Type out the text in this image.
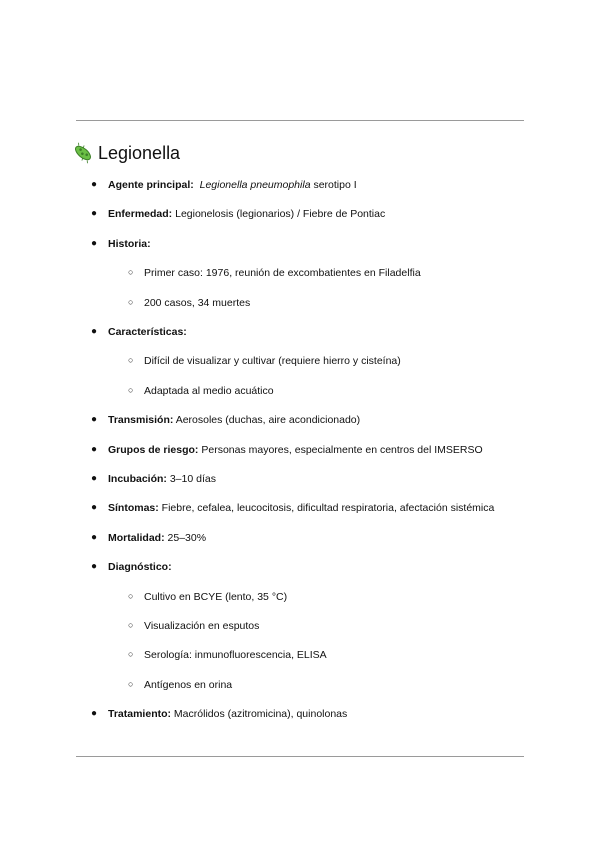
Legionella
● Agente principal: Legionella pneumophila serotipo I
● Enfermedad: Legionelosis (legionarios) / Fiebre de Pontiac
● Historia:
○ Primer caso: 1976, reunión de excombatientes en Filadelfia
○ 200 casos, 34 muertes
● Características:
○ Difícil de visualizar y cultivar (requiere hierro y cisteína)
○ Adaptada al medio acuático
● Transmisión: Aerosoles (duchas, aire acondicionado)
● Grupos de riesgo: Personas mayores, especialmente en centros del IMSERSO
● Incubación: 3–10 días
● Síntomas: Fiebre, cefalea, leucocitosis, dificultad respiratoria, afectación sistémica
● Mortalidad: 25–30%
● Diagnóstico:
○ Cultivo en BCYE (lento, 35 °C)
○ Visualización en esputos
○ Serología: inmunofluorescencia, ELISA
○ Antígenos en orina
● Tratamiento: Macrólidos (azitromicina), quinolonas
